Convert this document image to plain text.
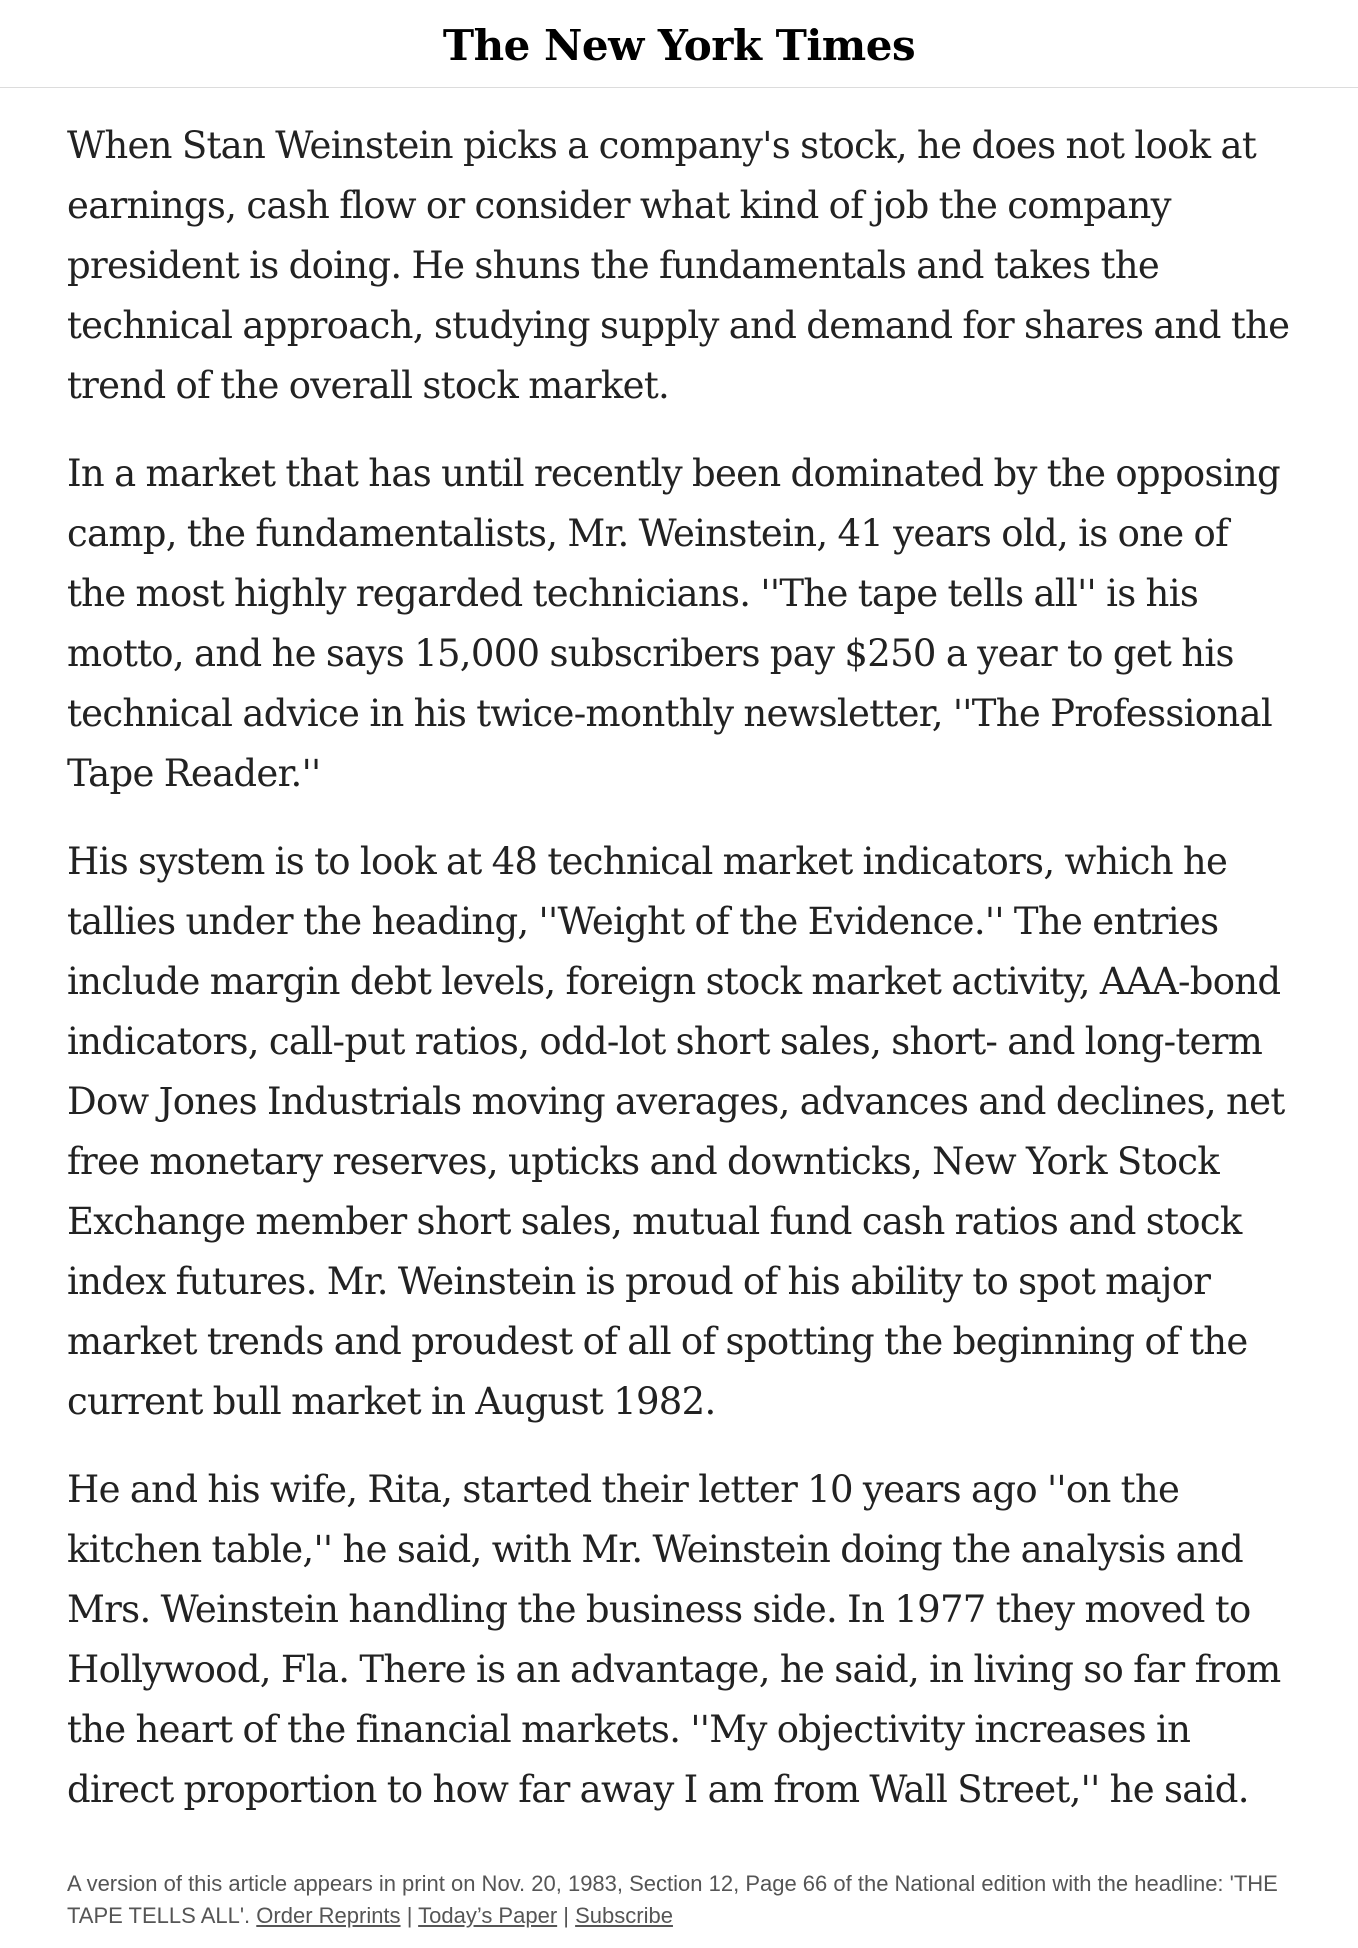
The New York Times

When Stan Weinstein picks a company's stock, he does not look at earnings, cash flow or consider what kind of job the company president is doing. He shuns the fundamentals and takes the technical approach, studying supply and demand for shares and the trend of the overall stock market.

In a market that has until recently been dominated by the opposing camp, the fundamentalists, Mr. Weinstein, 41 years old, is one of the most highly regarded technicians. ''The tape tells all'' is his motto, and he says 15,000 subscribers pay $250 a year to get his technical advice in his twice-monthly newsletter, ''The Professional Tape Reader.''

His system is to look at 48 technical market indicators, which he tallies under the heading, ''Weight of the Evidence.'' The entries include margin debt levels, foreign stock market activity, AAA-bond indicators, call-put ratios, odd-lot short sales, short- and long-term Dow Jones Industrials moving averages, advances and declines, net free monetary reserves, upticks and downticks, New York Stock Exchange member short sales, mutual fund cash ratios and stock index futures. Mr. Weinstein is proud of his ability to spot major market trends and proudest of all of spotting the beginning of the current bull market in August 1982.

He and his wife, Rita, started their letter 10 years ago ''on the kitchen table,'' he said, with Mr. Weinstein doing the analysis and Mrs. Weinstein handling the business side. In 1977 they moved to Hollywood, Fla. There is an advantage, he said, in living so far from the heart of the financial markets. ''My objectivity increases in direct proportion to how far away I am from Wall Street,'' he said.

A version of this article appears in print on Nov. 20, 1983, Section 12, Page 66 of the National edition with the headline: 'THE TAPE TELLS ALL'. Order Reprints | Today’s Paper | Subscribe
